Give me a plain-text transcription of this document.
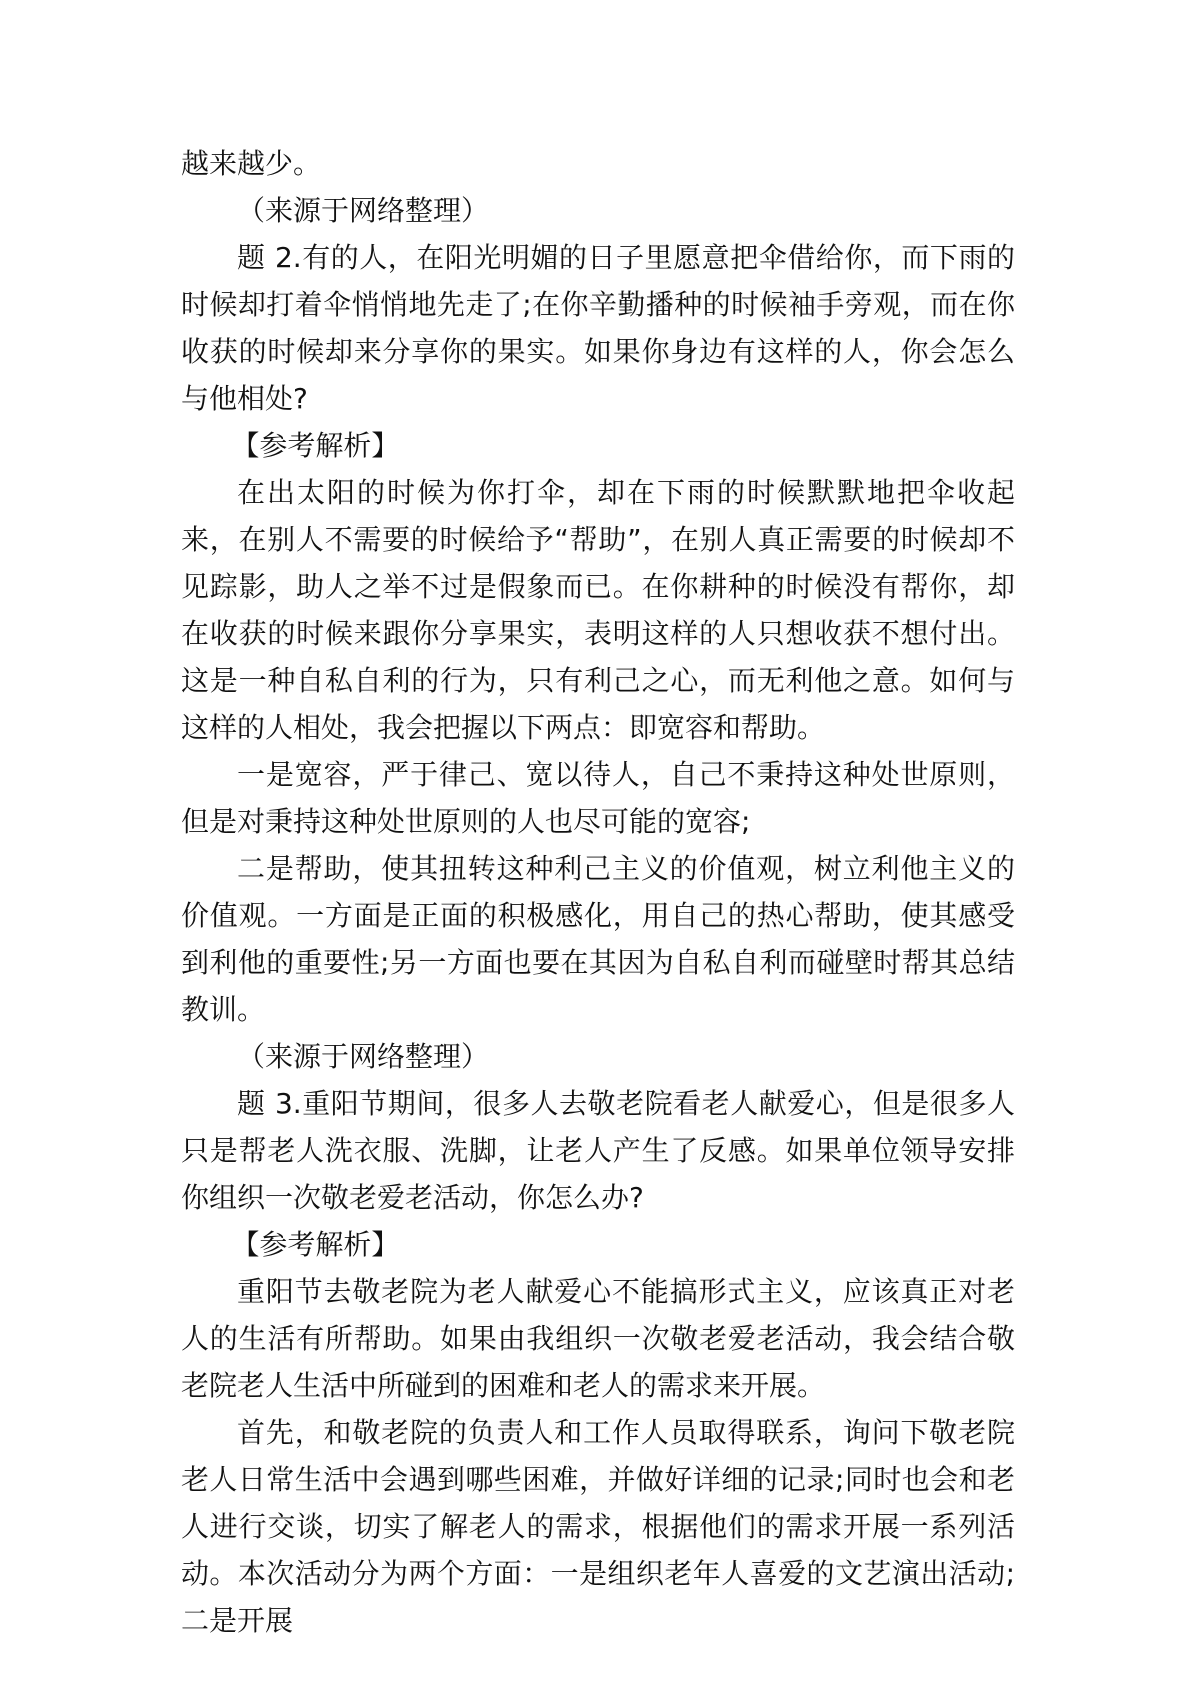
越来越少。

（来源于网络整理）

题 2.有的人，在阳光明媚的日子里愿意把伞借给你，而下雨的时候却打着伞悄悄地先走了;在你辛勤播种的时候袖手旁观，而在你收获的时候却来分享你的果实。如果你身边有这样的人，你会怎么与他相处?

【参考解析】

在出太阳的时候为你打伞，却在下雨的时候默默地把伞收起来，在别人不需要的时候给予“帮助”，在别人真正需要的时候却不见踪影，助人之举不过是假象而已。在你耕种的时候没有帮你，却在收获的时候来跟你分享果实，表明这样的人只想收获不想付出。这是一种自私自利的行为，只有利己之心，而无利他之意。如何与这样的人相处，我会把握以下两点：即宽容和帮助。

一是宽容，严于律己、宽以待人，自己不秉持这种处世原则，但是对秉持这种处世原则的人也尽可能的宽容;

二是帮助，使其扭转这种利己主义的价值观，树立利他主义的价值观。一方面是正面的积极感化，用自己的热心帮助，使其感受到利他的重要性;另一方面也要在其因为自私自利而碰壁时帮其总结教训。

（来源于网络整理）

题 3.重阳节期间，很多人去敬老院看老人献爱心，但是很多人只是帮老人洗衣服、洗脚，让老人产生了反感。如果单位领导安排你组织一次敬老爱老活动，你怎么办?

【参考解析】

重阳节去敬老院为老人献爱心不能搞形式主义，应该真正对老人的生活有所帮助。如果由我组织一次敬老爱老活动，我会结合敬老院老人生活中所碰到的困难和老人的需求来开展。

首先，和敬老院的负责人和工作人员取得联系，询问下敬老院老人日常生活中会遇到哪些困难，并做好详细的记录;同时也会和老人进行交谈，切实了解老人的需求，根据他们的需求开展一系列活动。本次活动分为两个方面：一是组织老年人喜爱的文艺演出活动;二是开展
